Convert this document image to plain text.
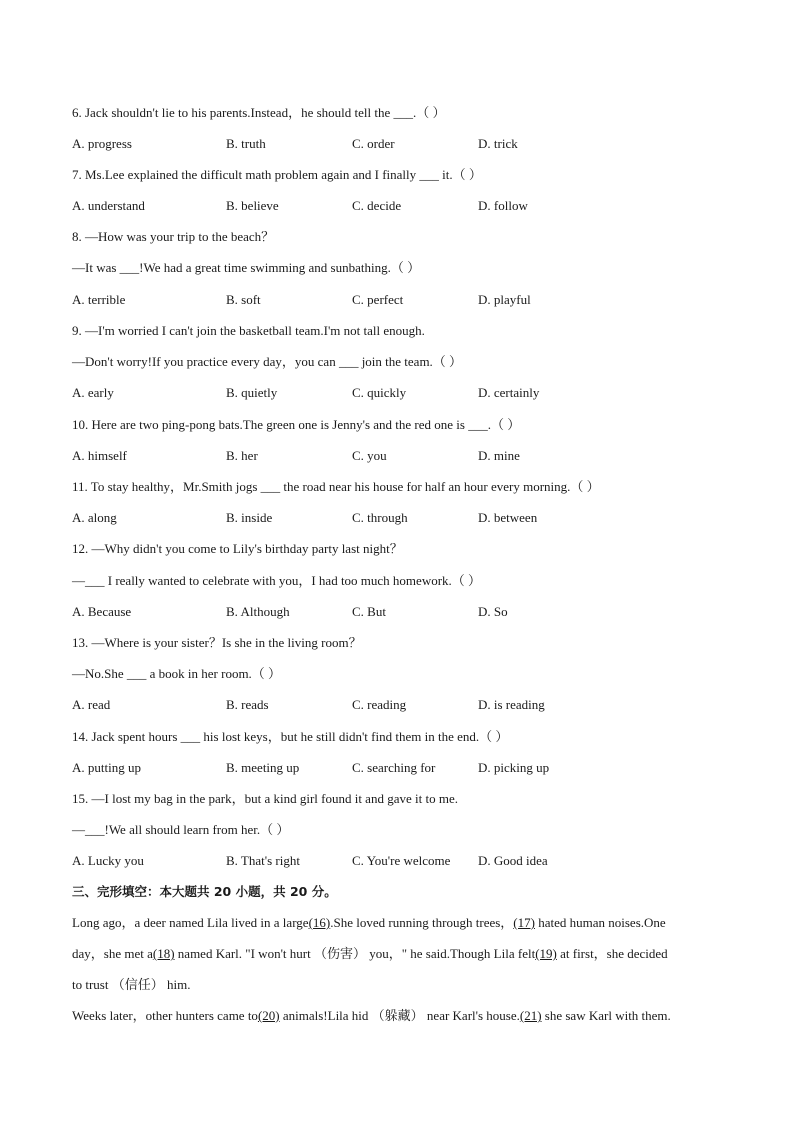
6. Jack shouldn't lie to his parents.Instead，he should tell the ___.（ ）
A. progress	B. truth	C. order	D. trick
7. Ms.Lee explained the difficult math problem again and I finally ___ it.（ ）
A. understand	B. believe	C. decide	D. follow
8. —How was your trip to the beach？
—It was ___!We had a great time swimming and sunbathing.（ ）
A. terrible	B. soft	C. perfect	D. playful
9. —I'm worried I can't join the basketball team.I'm not tall enough.
—Don't worry!If you practice every day，you can ___ join the team.（ ）
A. early	B. quietly	C. quickly	D. certainly
10. Here are two ping-pong bats.The green one is Jenny's and the red one is ___.（ ）
A. himself	B. her	C. you	D. mine
11. To stay healthy，Mr.Smith jogs ___ the road near his house for half an hour every morning.（ ）
A. along	B. inside	C. through	D. between
12. —Why didn't you come to Lily's birthday party last night？
—___ I really wanted to celebrate with you，I had too much homework.（ ）
A. Because	B. Although	C. But	D. So
13. —Where is your sister？Is she in the living room？
—No.She ___ a book in her room.（ ）
A. read	B. reads	C. reading	D. is reading
14. Jack spent hours ___ his lost keys，but he still didn't find them in the end.（ ）
A. putting up	B. meeting up	C. searching for	D. picking up
15. —I lost my bag in the park，but a kind girl found it and gave it to me.
—___!We all should learn from her.（ ）
A. Lucky you	B. That's right	C. You're welcome D. Good idea
三、完形填空：本大题共 20 小题，共 20 分。
Long ago，a deer named Lila lived in a large(16).She loved running through trees，(17) hated human noises.One
day，she met a(18) named Karl. "I won't hurt （伤害） you，" he said.Though Lila felt(19) at first，she decided
to trust （信任） him.
Weeks later，other hunters came to(20) animals!Lila hid （躲藏） near Karl's house.(21) she saw Karl with them.
